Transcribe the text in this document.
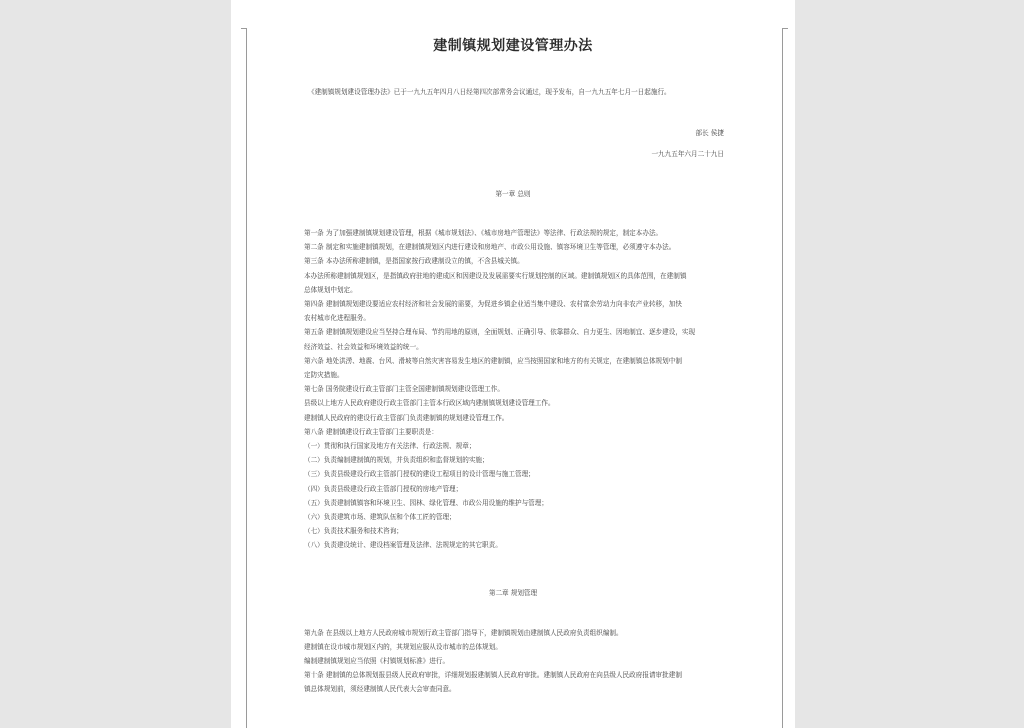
建制镇规划建设管理办法
《建制镇规划建设管理办法》已于一九九五年四月八日经第四次部常务会议通过，现予发布，自一九九五年七月一日起施行。
部长 侯捷
一九九五年六月二十九日
第一章 总则
第一条 为了加强建制镇规划建设管理，根据《城市规划法》、《城市房地产管理法》等法律、行政法规的规定，制定本办法。
第二条 制定和实施建制镇规划，在建制镇规划区内进行建设和房地产、市政公用设施、镇容环境卫生等管理，必须遵守本办法。
第三条 本办法所称建制镇，是指国家按行政建制设立的镇，不含县城关镇。
本办法所称建制镇规划区，是指镇政府驻地的建成区和因建设及发展需要实行规划控制的区域。建制镇规划区的具体范围，在建制镇
总体规划中划定。
第四条 建制镇规划建设要适应农村经济和社会发展的需要，为促进乡镇企业适当集中建设、农村富余劳动力向非农产业转移，加快
农村城市化进程服务。
第五条 建制镇规划建设应当坚持合理布局、节约用地的原则，全面规划、正确引导、依靠群众、自力更生、因地制宜、逐步建设，实现
经济效益、社会效益和环境效益的统一。
第六条 地处洪涝、地震、台风、滑坡等自然灾害容易发生地区的建制镇，应当按照国家和地方的有关规定，在建制镇总体规划中制
定防灾措施。
第七条 国务院建设行政主管部门主管全国建制镇规划建设管理工作。
县级以上地方人民政府建设行政主管部门主管本行政区域内建制镇规划建设管理工作。
建制镇人民政府的建设行政主管部门负责建制镇的规划建设管理工作。
第八条 建制镇建设行政主管部门主要职责是：
（一）贯彻和执行国家及地方有关法律、行政法规、规章；
（二）负责编制建制镇的规划，并负责组织和监督规划的实施；
（三）负责县级建设行政主管部门授权的建设工程项目的设计管理与施工管理；
（四）负责县级建设行政主管部门授权的房地产管理；
（五）负责建制镇镇容和环境卫生、园林、绿化管理、市政公用设施的维护与管理；
（六）负责建筑市场、建筑队伍和个体工匠的管理；
（七）负责技术服务和技术咨询；
（八）负责建设统计、建设档案管理及法律、法规规定的其它职责。
第二章 规划管理
第九条 在县级以上地方人民政府城市规划行政主管部门指导下，建制镇规划由建制镇人民政府负责组织编制。
建制镇在设市城市规划区内的，其规划应服从设市城市的总体规划。
编制建制镇规划应当依照《村镇规划标准》进行。
第十条 建制镇的总体规划报县级人民政府审批，详细规划报建制镇人民政府审批。建制镇人民政府在向县级人民政府报请审批建制
镇总体规划前，须经建制镇人民代表大会审查同意。
